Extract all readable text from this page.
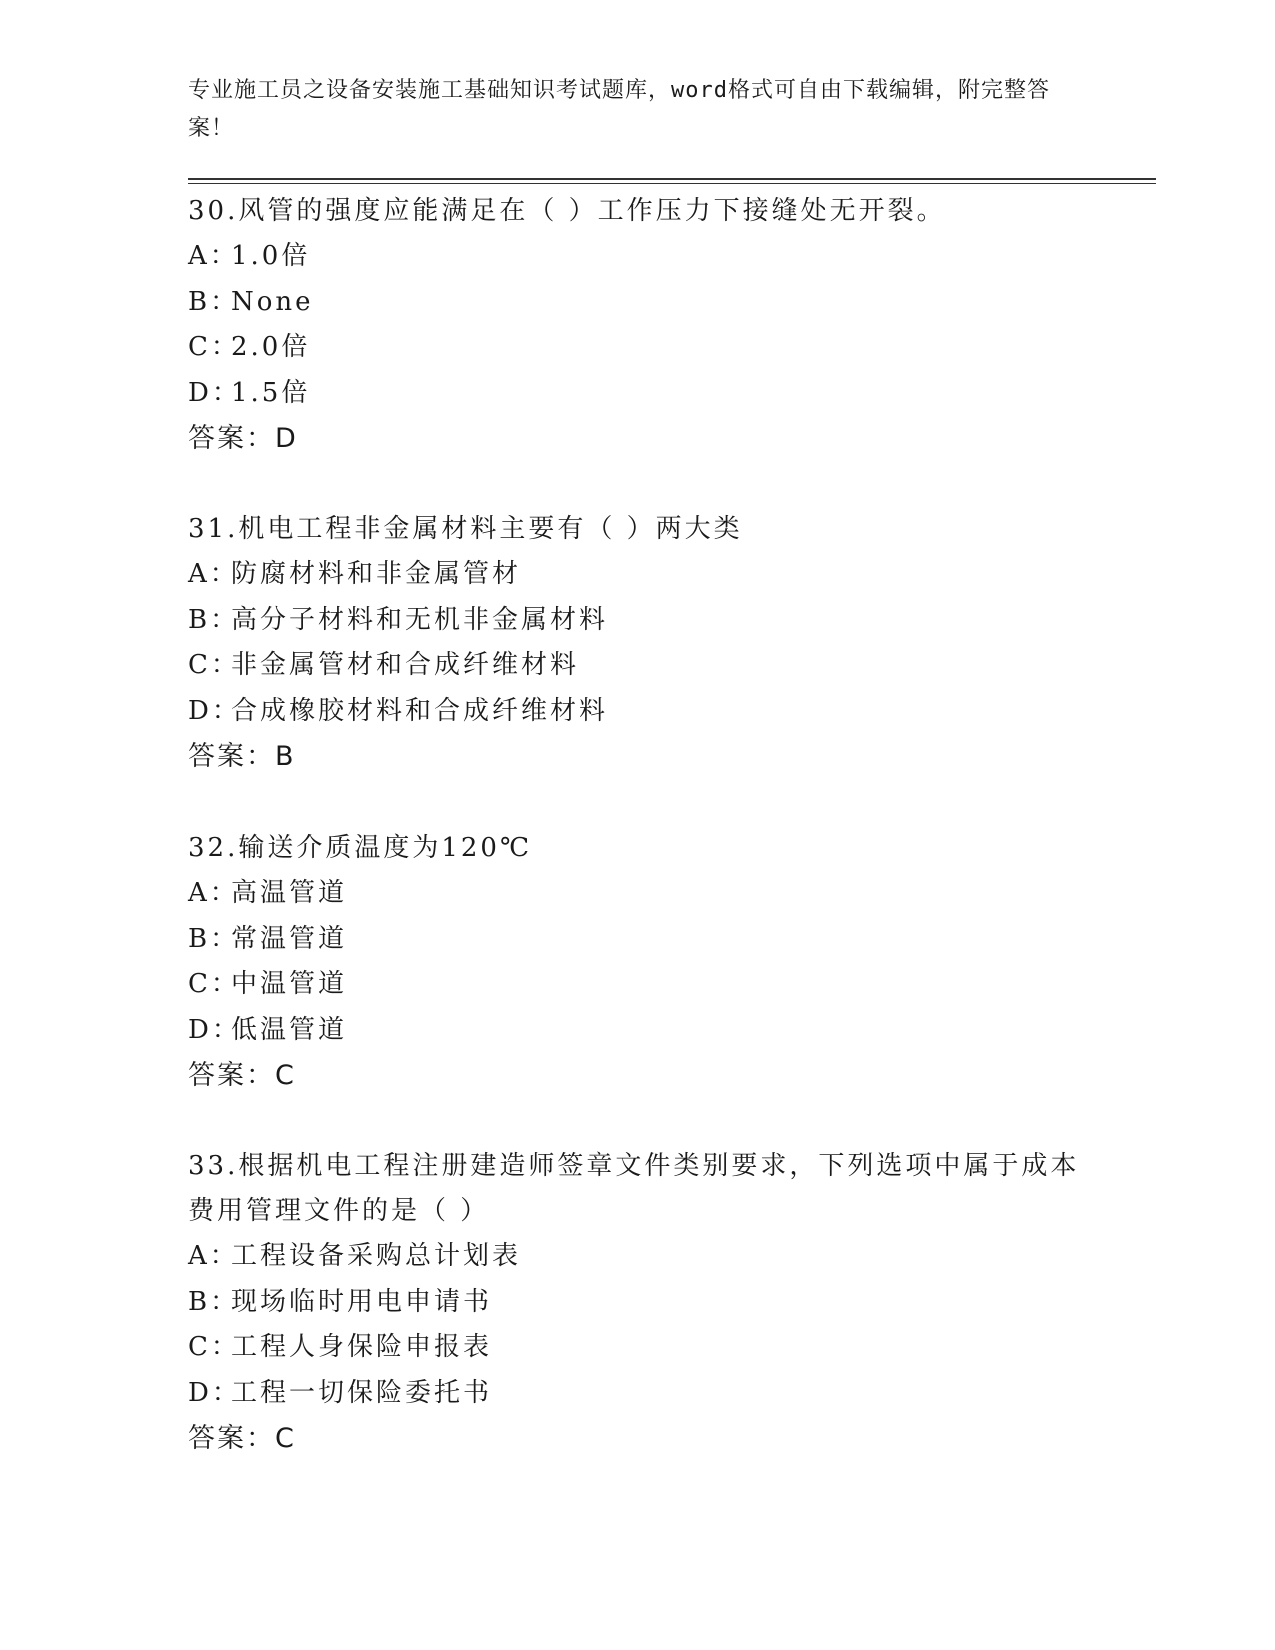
专业施工员之设备安装施工基础知识考试题库，word格式可自由下载编辑，附完整答案！
30.风管的强度应能满足在（ ）工作压力下接缝处无开裂。
A：1.0倍
B：None
C：2.0倍
D：1.5倍
答案：D
31.机电工程非金属材料主要有（ ）两大类
A：防腐材料和非金属管材
B：高分子材料和无机非金属材料
C：非金属管材和合成纤维材料
D：合成橡胶材料和合成纤维材料
答案：B
32.输送介质温度为120℃
A：高温管道
B：常温管道
C：中温管道
D：低温管道
答案：C
33.根据机电工程注册建造师签章文件类别要求，下列选项中属于成本费用管理文件的是（ ）
A：工程设备采购总计划表
B：现场临时用电申请书
C：工程人身保险申报表
D：工程一切保险委托书
答案：C
